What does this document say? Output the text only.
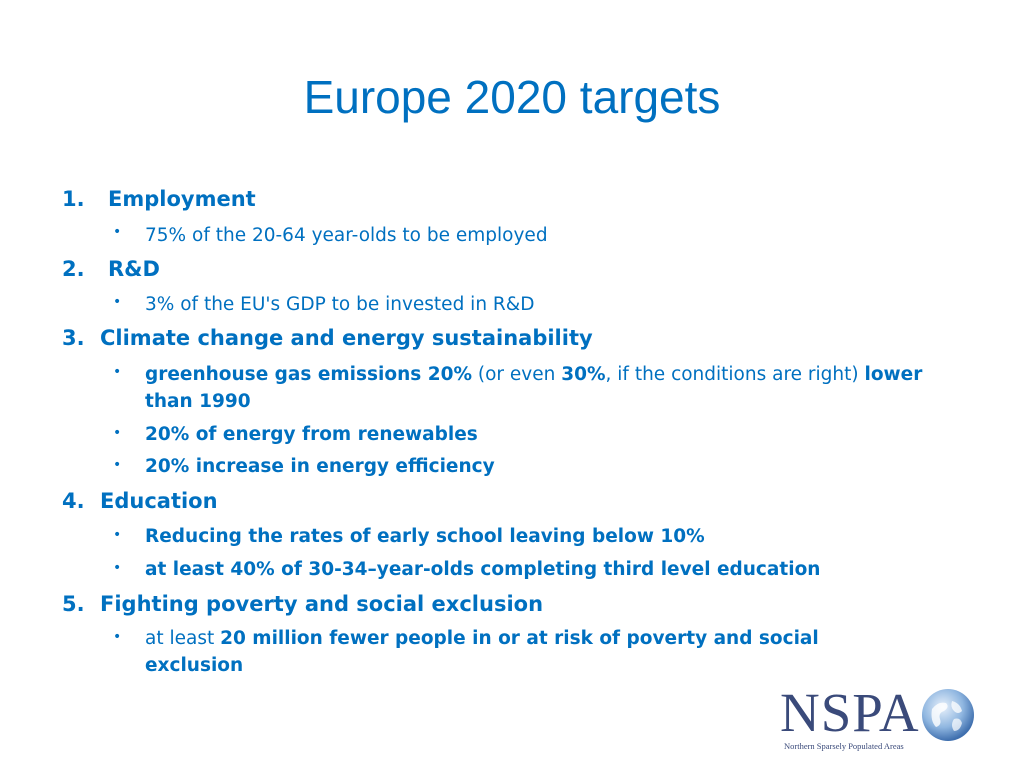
Europe 2020 targets
1. Employment
• 75% of the 20-64 year-olds to be employed
2. R&D
• 3% of the EU's GDP to be invested in R&D
3. Climate change and energy sustainability
• greenhouse gas emissions 20% (or even 30%, if the conditions are right) lower than 1990
• 20% of energy from renewables
• 20% increase in energy efficiency
4. Education
• Reducing the rates of early school leaving below 10%
• at least 40% of 30-34–year-olds completing third level education
5. Fighting poverty and social exclusion
• at least 20 million fewer people in or at risk of poverty and social exclusion
NSPA
Northern Sparsely Populated Areas
